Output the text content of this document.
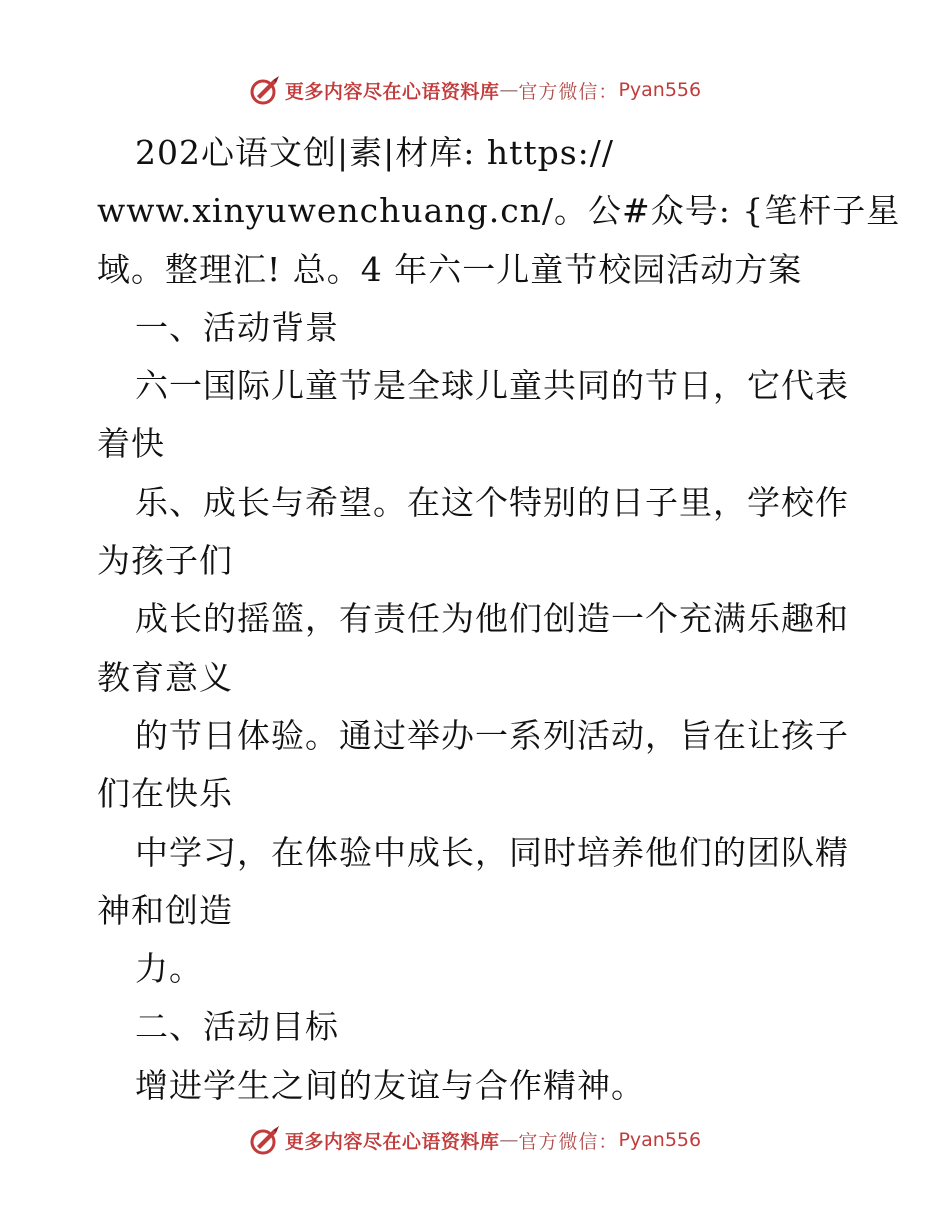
更多内容尽在心语资料库 — 官方微信： Pyan556
202心语文创|素|材库: https://
www.xinyuwenchuang.cn/。公#众号: {笔杆子星
域。整理汇! 总。4 年六一儿童节校园活动方案
一、活动背景
六一国际儿童节是全球儿童共同的节日，它代表
着快
乐、成长与希望。在这个特别的日子里，学校作
为孩子们
成长的摇篮，有责任为他们创造一个充满乐趣和
教育意义
的节日体验。通过举办一系列活动，旨在让孩子
们在快乐
中学习，在体验中成长，同时培养他们的团队精
神和创造
力。
二、活动目标
增进学生之间的友谊与合作精神。
更多内容尽在心语资料库 — 官方微信： Pyan556
